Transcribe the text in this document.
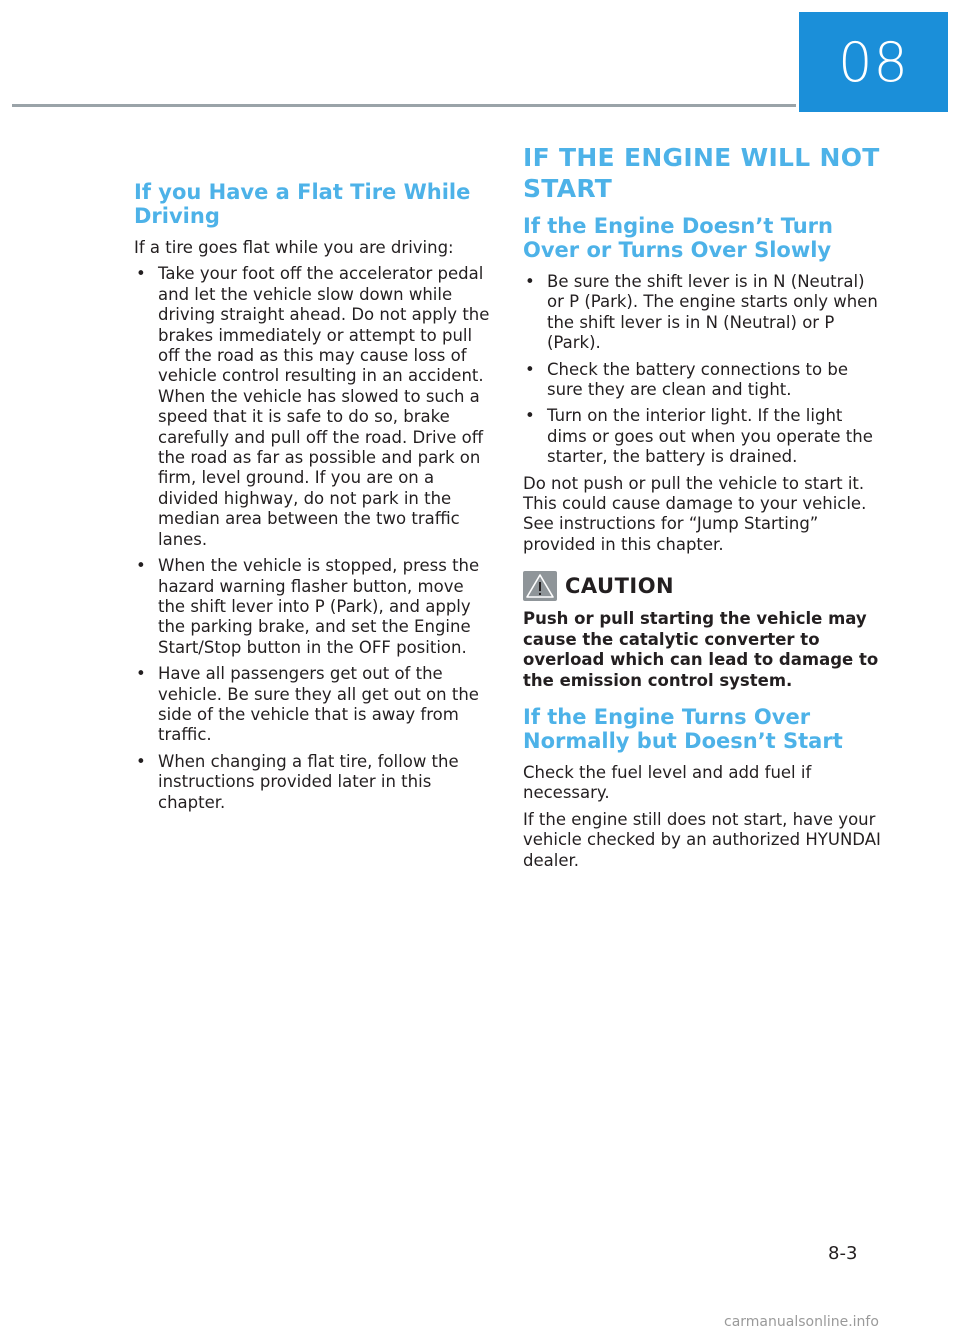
08
If you Have a Flat Tire While Driving

If a tire goes flat while you are driving:

• Take your foot off the accelerator pedal and let the vehicle slow down while driving straight ahead. Do not apply the brakes immediately or attempt to pull off the road as this may cause loss of vehicle control resulting in an accident. When the vehicle has slowed to such a speed that it is safe to do so, brake carefully and pull off the road. Drive off the road as far as possible and park on firm, level ground. If you are on a divided highway, do not park in the median area between the two traffic lanes.
• When the vehicle is stopped, press the hazard warning flasher button, move the shift lever into P (Park), and apply the parking brake, and set the Engine Start/Stop button in the OFF position.
• Have all passengers get out of the vehicle. Be sure they all get out on the side of the vehicle that is away from traffic.
• When changing a flat tire, follow the instructions provided later in this chapter.
IF THE ENGINE WILL NOT START
If the Engine Doesn’t Turn Over or Turns Over Slowly
• Be sure the shift lever is in N (Neutral) or P (Park). The engine starts only when the shift lever is in N (Neutral) or P (Park).
• Check the battery connections to be sure they are clean and tight.
• Turn on the interior light. If the light dims or goes out when you operate the starter, the battery is drained.

Do not push or pull the vehicle to start it. This could cause damage to your vehicle. See instructions for “Jump Starting” provided in this chapter.

CAUTION

Push or pull starting the vehicle may cause the catalytic converter to overload which can lead to damage to the emission control system.

If the Engine Turns Over Normally but Doesn’t Start

Check the fuel level and add fuel if necessary.

If the engine still does not start, have your vehicle checked by an authorized HYUNDAI dealer.

8-3
carmanualsonline.info
